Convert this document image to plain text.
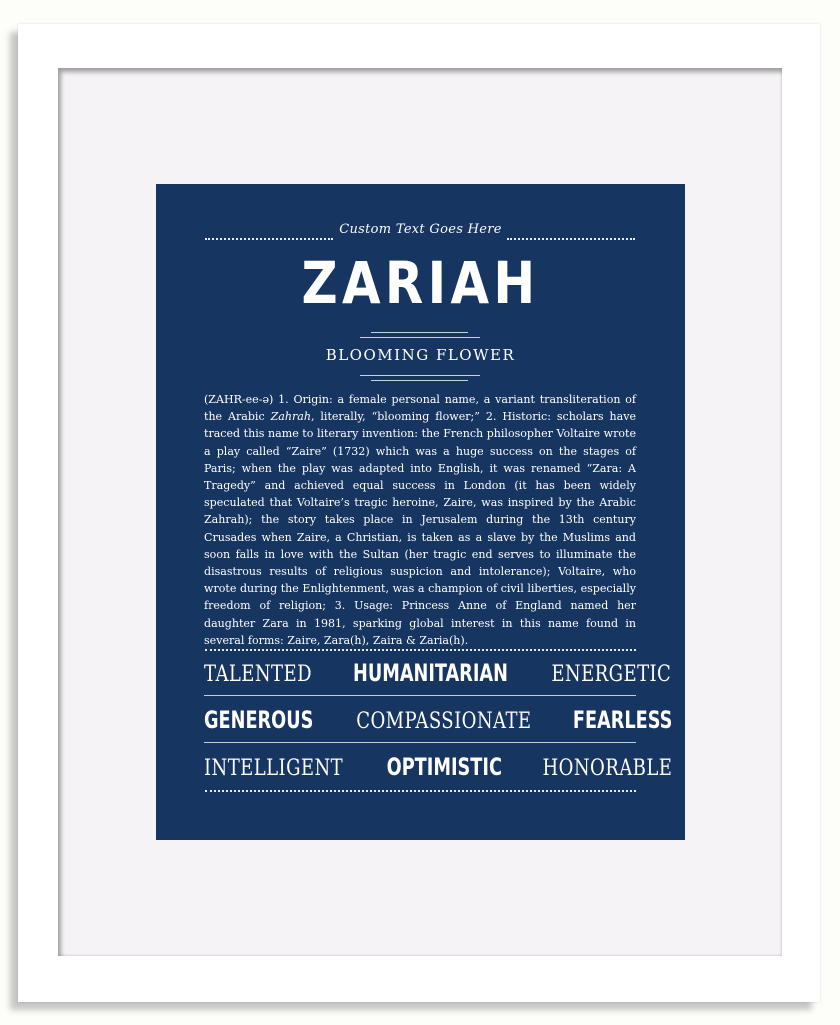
Custom Text Goes Here
ZARIAH
BLOOMING FLOWER

(ZAHR-ee-ə) 1. Origin: a female personal name, a variant transliteration of the Arabic Zahrah, literally, “blooming flower;” 2. Historic: scholars have traced this name to literary invention: the French philosopher Voltaire wrote a play called “Zaire” (1732) which was a huge success on the stages of Paris; when the play was adapted into English, it was renamed “Zara: A Tragedy” and achieved equal success in London (it has been widely speculated that Voltaire’s tragic heroine, Zaire, was inspired by the Arabic Zahrah); the story takes place in Jerusalem during the 13th century Crusades when Zaire, a Christian, is taken as a slave by the Muslims and soon falls in love with the Sultan (her tragic end serves to illuminate the disastrous results of religious suspicion and intolerance); Voltaire, who wrote during the Enlightenment, was a champion of civil liberties, especially freedom of religion; 3. Usage: Princess Anne of England named her daughter Zara in 1981, sparking global interest in this name found in several forms: Zaire, Zara(h), Zaira & Zaria(h).

TALENTED HUMANITARIAN ENERGETIC
GENEROUS COMPASSIONATE FEARLESS
INTELLIGENT OPTIMISTIC HONORABLE
